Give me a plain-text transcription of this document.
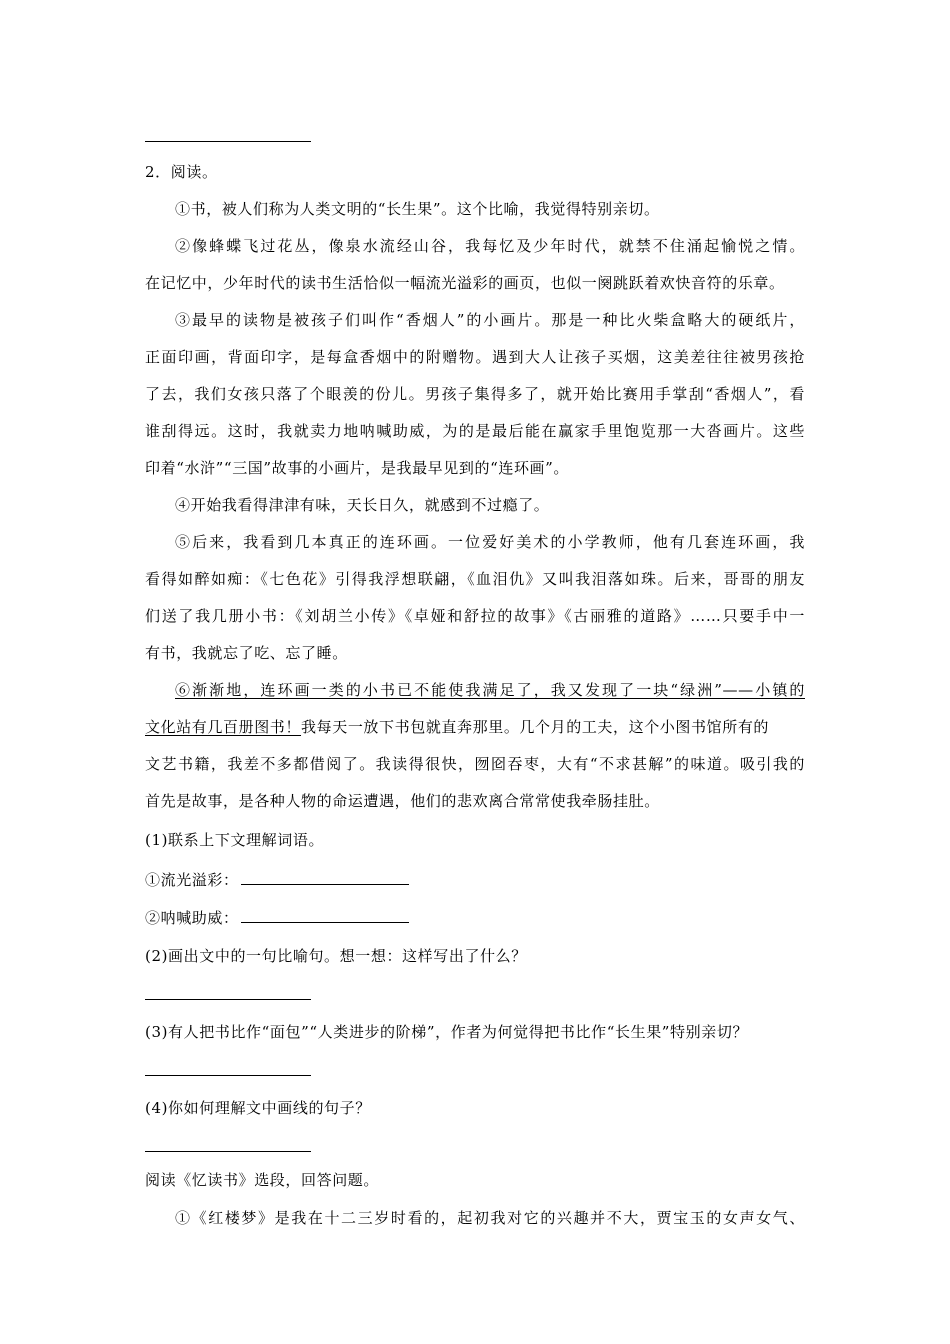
2．阅读。
①书，被人们称为人类文明的“长生果”。这个比喻，我觉得特别亲切。
②像蜂蝶飞过花丛，像泉水流经山谷，我每忆及少年时代，就禁不住涌起愉悦之情。
在记忆中，少年时代的读书生活恰似一幅流光溢彩的画页，也似一阕跳跃着欢快音符的乐章。
③最早的读物是被孩子们叫作“香烟人”的小画片。那是一种比火柴盒略大的硬纸片，
正面印画，背面印字，是每盒香烟中的附赠物。遇到大人让孩子买烟，这美差往往被男孩抢
了去，我们女孩只落了个眼羡的份儿。男孩子集得多了，就开始比赛用手掌刮“香烟人”，看
谁刮得远。这时，我就卖力地呐喊助威，为的是最后能在赢家手里饱览那一大沓画片。这些
印着“水浒”“三国”故事的小画片，是我最早见到的“连环画”。
④开始我看得津津有味，天长日久，就感到不过瘾了。
⑤后来，我看到几本真正的连环画。一位爱好美术的小学教师，他有几套连环画，我
看得如醉如痴：《七色花》引得我浮想联翩，《血泪仇》又叫我泪落如珠。后来，哥哥的朋友
们送了我几册小书：《刘胡兰小传》《卓娅和舒拉的故事》《古丽雅的道路》……只要手中一
有书，我就忘了吃、忘了睡。
⑥渐渐地，连环画一类的小书已不能使我满足了，我又发现了一块“绿洲”——小镇的
文化站有几百册图书！我每天一放下书包就直奔那里。几个月的工夫，这个小图书馆所有的
文艺书籍，我差不多都借阅了。我读得很快，囫囵吞枣，大有“不求甚解”的味道。吸引我的
首先是故事，是各种人物的命运遭遇，他们的悲欢离合常常使我牵肠挂肚。
(1)联系上下文理解词语。
①流光溢彩：
②呐喊助威：
(2)画出文中的一句比喻句。想一想：这样写出了什么？
(3)有人把书比作“面包”“人类进步的阶梯”，作者为何觉得把书比作“长生果”特别亲切？
(4)你如何理解文中画线的句子？
阅读《忆读书》选段，回答问题。
①《红楼梦》是我在十二三岁时看的，起初我对它的兴趣并不大，贾宝玉的女声女气、
